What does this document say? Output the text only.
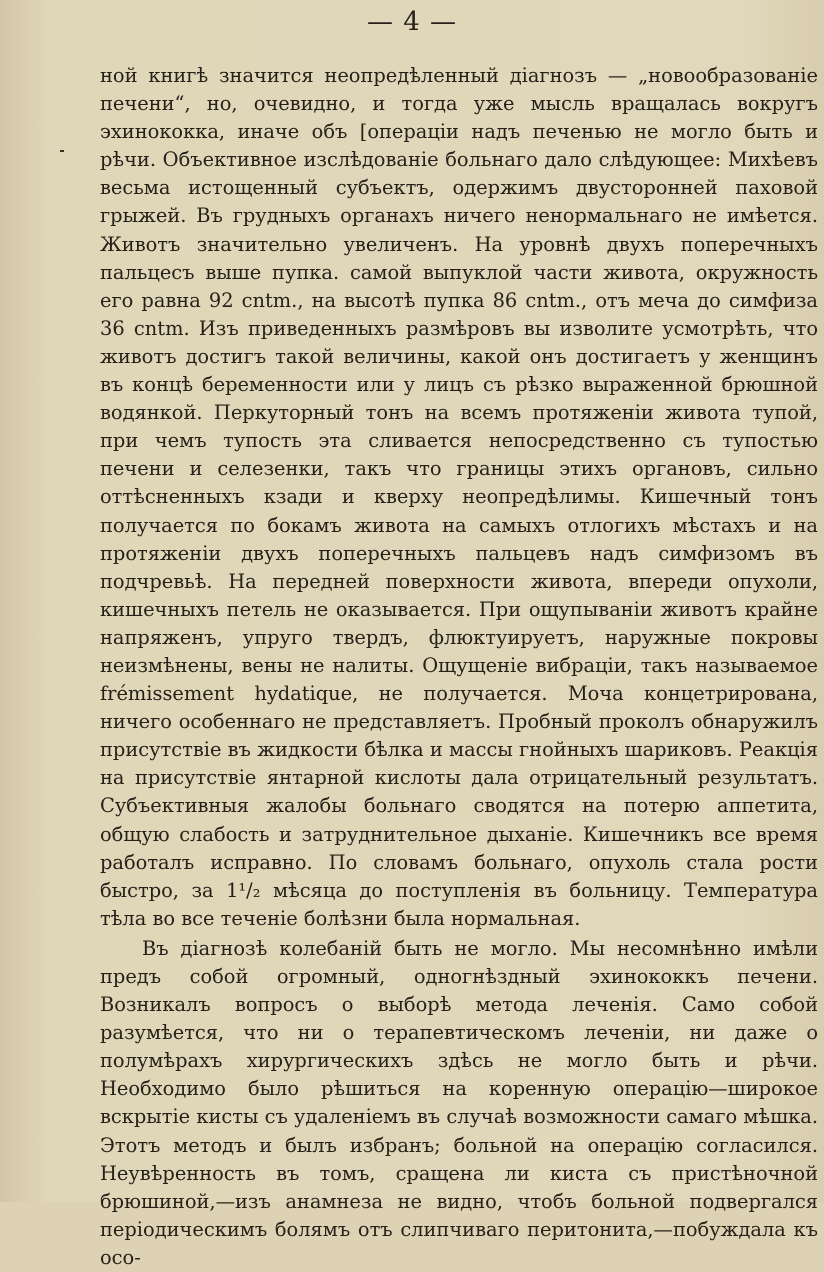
— 4 —

ной книгѣ значится неопредѣленный дiагнозъ — „новообразованiе печени“, но, очевидно, и тогда уже мысль вращалась вокругъ эхинококка, иначе объ [операцiи надъ печенью не могло быть и рѣчи. Объективное изслѣдованiе больнаго дало слѣдующее: Михѣевъ весьма истощенный субъектъ, одержимъ двусторонней паховой грыжей. Въ грудныхъ органахъ ничего ненормальнаго не имѣется. Животъ значительно увеличенъ. На уровнѣ двухъ поперечныхъ пальцесъ выше пупка. самой выпуклой части живота, окружность его равна 92 cntm., на высотѣ пупка 86 cntm., отъ меча до симфиза 36 cntm. Изъ приведенныхъ размѣровъ вы изволите усмотрѣть, что животъ достигъ такой величины, какой онъ достигаетъ у женщинъ въ концѣ беременности или у лицъ съ рѣзко выраженной брюшной водянкой. Перкуторный тонъ на всемъ протяженiи живота тупой, при чемъ тупость эта сливается непосредственно съ тупостью печени и селезенки, такъ что границы этихъ органовъ, сильно оттѣсненныхъ кзади и кверху неопредѣлимы. Кишечный тонъ получается по бокамъ живота на самыхъ отлогихъ мѣстахъ и на протяженiи двухъ поперечныхъ пальцевъ надъ симфизомъ въ подчревьѣ. На передней поверхности живота, впереди опухоли, кишечныхъ петель не оказывается. При ощупыванiи животъ крайне напряженъ, упруго твердъ, флюктуируетъ, наружные покровы неизмѣнены, вены не налиты. Ощущенiе вибрацiи, такъ называемое frémissement hydatique, не получается. Моча концетрирована, ничего особеннаго не представляетъ. Пробный проколъ обнаружилъ присутствiе въ жидкости бѣлка и массы гнойныхъ шариковъ. Реакцiя на присутствiе янтарной кислоты дала отрицательный результатъ. Субъективныя жалобы больнаго сводятся на потерю аппетита, общую слабость и затруднительное дыханiе. Кишечникъ все время работалъ исправно. По словамъ больнаго, опухоль стала рости быстро, за 1¹/₂ мѣсяца до поступленiя въ больницу. Температура тѣла во все теченiе болѣзни была нормальная.

Въ дiагнозѣ колебанiй быть не могло. Мы несомнѣнно имѣли предъ собой огромный, одногнѣздный эхинококкъ печени. Возникалъ вопросъ о выборѣ метода леченiя. Само собой разумѣется, что ни о терапевтическомъ леченiи, ни даже о полумѣрахъ хирургическихъ здѣсь не могло быть и рѣчи. Необходимо было рѣшиться на коренную операцiю—широкое вскрытiе кисты съ удаленiемъ въ случаѣ возможности самаго мѣшка. Этотъ методъ и былъ избранъ; больной на операцiю согласился. Неувѣренность въ томъ, сращена ли киста съ пристѣночной брюшиной,—изъ анамнеза не видно, чтобъ больной подвергался перiодическимъ болямъ отъ слипчиваго перитонита,—побуждала къ осо-
